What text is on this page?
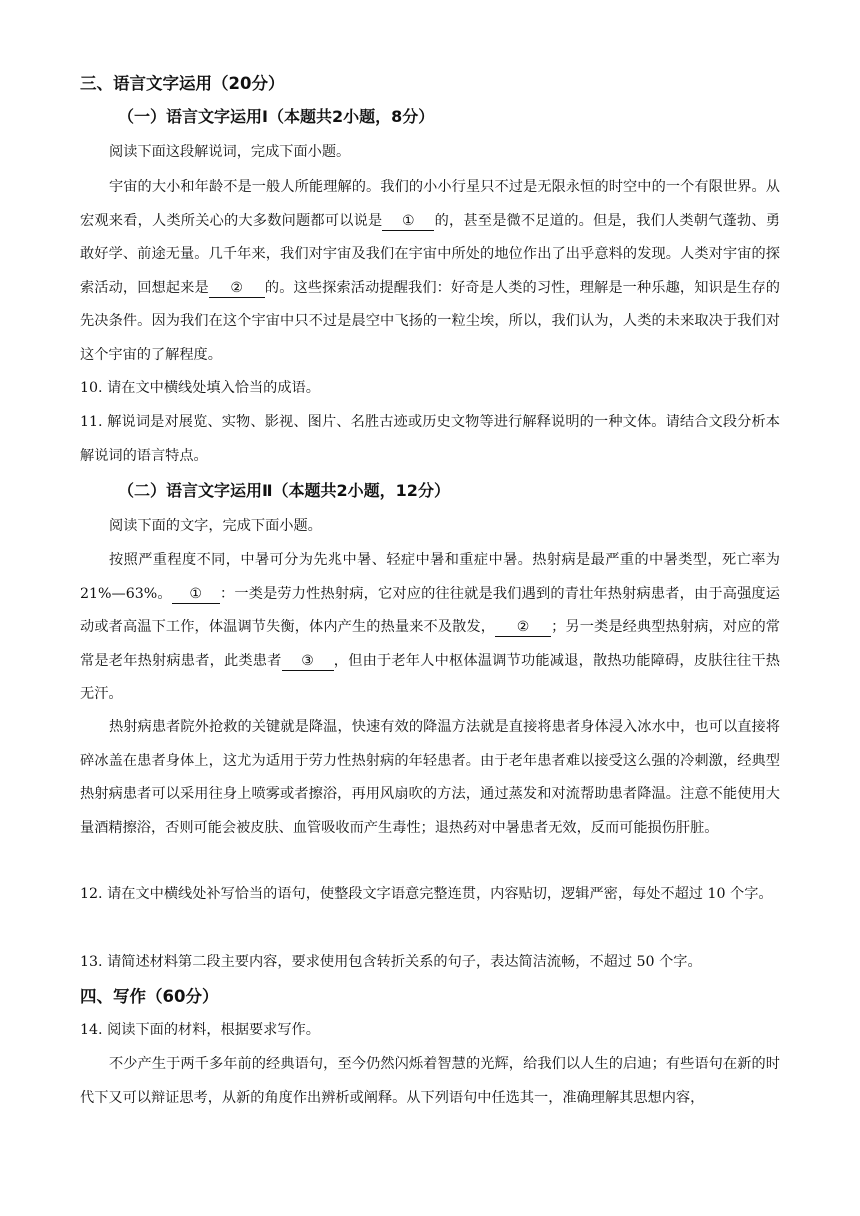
三、语言文字运用（20分）
（一）语言文字运用Ⅰ（本题共2小题，8分）
阅读下面这段解说词，完成下面小题。
宇宙的大小和年龄不是一般人所能理解的。我们的小小行星只不过是无限永恒的时空中的一个有限世界。从宏观来看，人类所关心的大多数问题都可以说是 ① 的，甚至是微不足道的。但是，我们人类朝气蓬勃、勇敢好学、前途无量。几千年来，我们对宇宙及我们在宇宙中所处的地位作出了出乎意料的发现。人类对宇宙的探索活动，回想起来是 ② 的。这些探索活动提醒我们：好奇是人类的习性，理解是一种乐趣，知识是生存的先决条件。因为我们在这个宇宙中只不过是晨空中飞扬的一粒尘埃，所以，我们认为，人类的未来取决于我们对这个宇宙的了解程度。
10. 请在文中横线处填入恰当的成语。
11. 解说词是对展览、实物、影视、图片、名胜古迹或历史文物等进行解释说明的一种文体。请结合文段分析本解说词的语言特点。
（二）语言文字运用Ⅱ（本题共2小题，12分）
阅读下面的文字，完成下面小题。
按照严重程度不同，中暑可分为先兆中暑、轻症中暑和重症中暑。热射病是最严重的中暑类型，死亡率为 21%—63%。 ① ：一类是劳力性热射病，它对应的往往就是我们遇到的青壮年热射病患者，由于高强度运动或者高温下工作，体温调节失衡，体内产生的热量来不及散发， ② ；另一类是经典型热射病，对应的常常是老年热射病患者，此类患者 ③ ，但由于老年人中枢体温调节功能减退，散热功能障碍，皮肤往往干热无汗。
热射病患者院外抢救的关键就是降温，快速有效的降温方法就是直接将患者身体浸入冰水中，也可以直接将碎冰盖在患者身体上，这尤为适用于劳力性热射病的年轻患者。由于老年患者难以接受这么强的冷刺激，经典型热射病患者可以采用往身上喷雾或者擦浴，再用风扇吹的方法，通过蒸发和对流帮助患者降温。注意不能使用大量酒精擦浴，否则可能会被皮肤、血管吸收而产生毒性；退热药对中暑患者无效，反而可能损伤肝脏。
12. 请在文中横线处补写恰当的语句，使整段文字语意完整连贯，内容贴切，逻辑严密，每处不超过 10 个字。
13. 请简述材料第二段主要内容，要求使用包含转折关系的句子，表达简洁流畅，不超过 50 个字。
四、写作（60分）
14. 阅读下面的材料，根据要求写作。
不少产生于两千多年前的经典语句，至今仍然闪烁着智慧的光辉，给我们以人生的启迪；有些语句在新的时代下又可以辩证思考，从新的角度作出辨析或阐释。从下列语句中任选其一，准确理解其思想内容，
